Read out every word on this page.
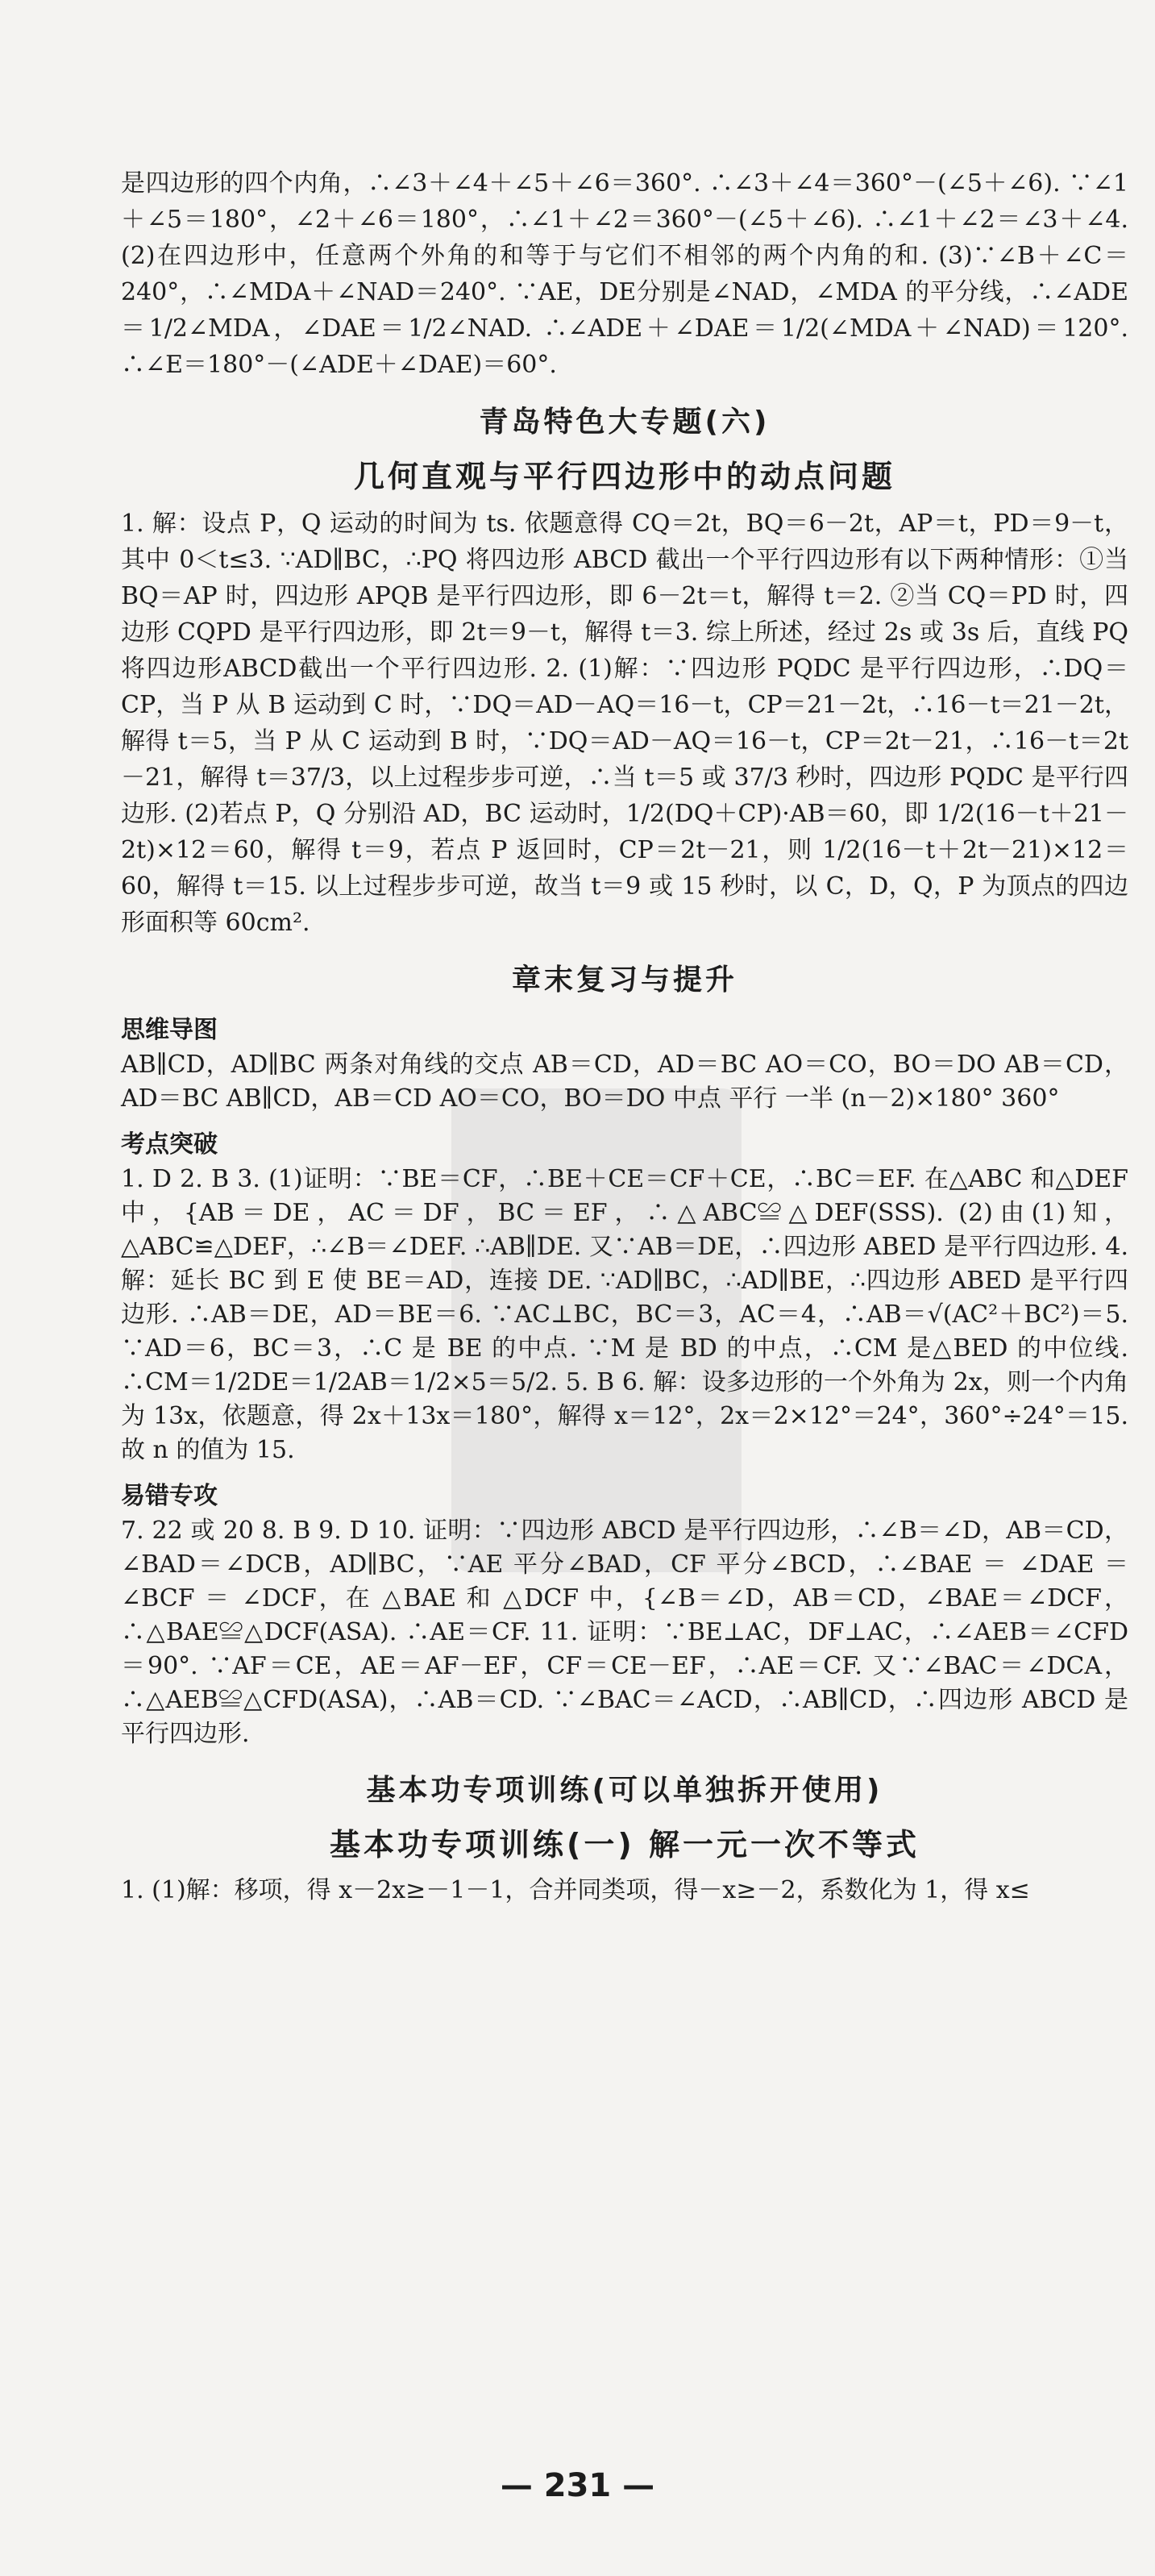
是四边形的四个内角，∴∠3＋∠4＋∠5＋∠6＝360°. ∴∠3＋∠4＝360°－(∠5＋∠6). ∵∠1＋∠5＝180°，∠2＋∠6＝180°，∴∠1＋∠2＝360°－(∠5＋∠6). ∴∠1＋∠2＝∠3＋∠4. (2)在四边形中，任意两个外角的和等于与它们不相邻的两个内角的和. (3)∵∠B＋∠C＝240°，∴∠MDA＋∠NAD＝240°. ∵AE，DE分别是∠NAD，∠MDA 的平分线，∴∠ADE＝1/2∠MDA，∠DAE＝1/2∠NAD. ∴∠ADE＋∠DAE＝1/2(∠MDA＋∠NAD)＝120°. ∴∠E＝180°－(∠ADE＋∠DAE)＝60°.

青岛特色大专题(六)
几何直观与平行四边形中的动点问题

1. 解：设点 P，Q 运动的时间为 ts. 依题意得 CQ＝2t，BQ＝6－2t，AP＝t，PD＝9－t，其中 0＜t≤3. ∵AD∥BC，∴PQ 将四边形 ABCD 截出一个平行四边形有以下两种情形：①当 BQ＝AP 时，四边形 APQB 是平行四边形，即 6－2t＝t，解得 t＝2. ②当 CQ＝PD 时，四边形 CQPD 是平行四边形，即 2t＝9－t，解得 t＝3. 综上所述，经过 2s 或 3s 后，直线 PQ 将四边形ABCD截出一个平行四边形. 2. (1)解：∵四边形 PQDC 是平行四边形，∴DQ＝CP，当 P 从 B 运动到 C 时，∵DQ＝AD－AQ＝16－t，CP＝21－2t，∴16－t＝21－2t，解得 t＝5，当 P 从 C 运动到 B 时，∵DQ＝AD－AQ＝16－t，CP＝2t－21，∴16－t＝2t－21，解得 t＝37/3，以上过程步步可逆，∴当 t＝5 或 37/3 秒时，四边形 PQDC 是平行四边形. (2)若点 P，Q 分别沿 AD，BC 运动时，1/2(DQ＋CP)·AB＝60，即 1/2(16－t＋21－2t)×12＝60，解得 t＝9，若点 P 返回时，CP＝2t－21，则 1/2(16－t＋2t－21)×12＝60，解得 t＝15. 以上过程步步可逆，故当 t＝9 或 15 秒时，以 C，D，Q，P 为顶点的四边形面积等 60cm².

章末复习与提升
思维导图

AB∥CD，AD∥BC 两条对角线的交点 AB＝CD，AD＝BC AO＝CO，BO＝DO AB＝CD，AD＝BC AB∥CD，AB＝CD AO＝CO，BO＝DO 中点 平行 一半 (n－2)×180° 360°

考点突破

1. D 2. B 3. (1)证明：∵BE＝CF，∴BE＋CE＝CF＋CE，∴BC＝EF. 在△ABC 和△DEF 中，{AB＝DE，AC＝DF，BC＝EF，∴△ABC≌△DEF(SSS). (2)由(1)知，△ABC≌△DEF，∴∠B＝∠DEF. ∴AB∥DE. 又∵AB＝DE，∴四边形 ABED 是平行四边形. 4. 解：延长 BC 到 E 使 BE＝AD，连接 DE. ∵AD∥BC，∴AD∥BE，∴四边形 ABED 是平行四边形. ∴AB＝DE，AD＝BE＝6. ∵AC⊥BC，BC＝3，AC＝4，∴AB＝√(AC²＋BC²)＝5. ∵AD＝6，BC＝3，∴C 是 BE 的中点. ∵M 是 BD 的中点，∴CM 是△BED 的中位线. ∴CM＝1/2DE＝1/2AB＝1/2×5＝5/2. 5. B 6. 解：设多边形的一个外角为 2x，则一个内角为 13x，依题意，得 2x＋13x＝180°，解得 x＝12°，2x＝2×12°＝24°，360°÷24°＝15. 故 n 的值为 15.

易错专攻

7. 22 或 20 8. B 9. D 10. 证明：∵四边形 ABCD 是平行四边形，∴∠B＝∠D，AB＝CD，∠BAD＝∠DCB，AD∥BC，∵AE 平分∠BAD，CF 平分∠BCD，∴∠BAE ＝ ∠DAE ＝ ∠BCF ＝ ∠DCF，在 △BAE 和 △DCF 中，{∠B＝∠D，AB＝CD，∠BAE＝∠DCF，∴△BAE≌△DCF(ASA). ∴AE＝CF. 11. 证明：∵BE⊥AC，DF⊥AC，∴∠AEB＝∠CFD＝90°. ∵AF＝CE，AE＝AF－EF，CF＝CE－EF，∴AE＝CF. 又∵∠BAC＝∠DCA，∴△AEB≌△CFD(ASA)，∴AB＝CD. ∵∠BAC＝∠ACD，∴AB∥CD，∴四边形 ABCD 是平行四边形.

基本功专项训练(可以单独拆开使用)
基本功专项训练(一) 解一元一次不等式

1. (1)解：移项，得 x－2x≥－1－1，合并同类项，得－x≥－2，系数化为 1，得 x≤

— 231 —
